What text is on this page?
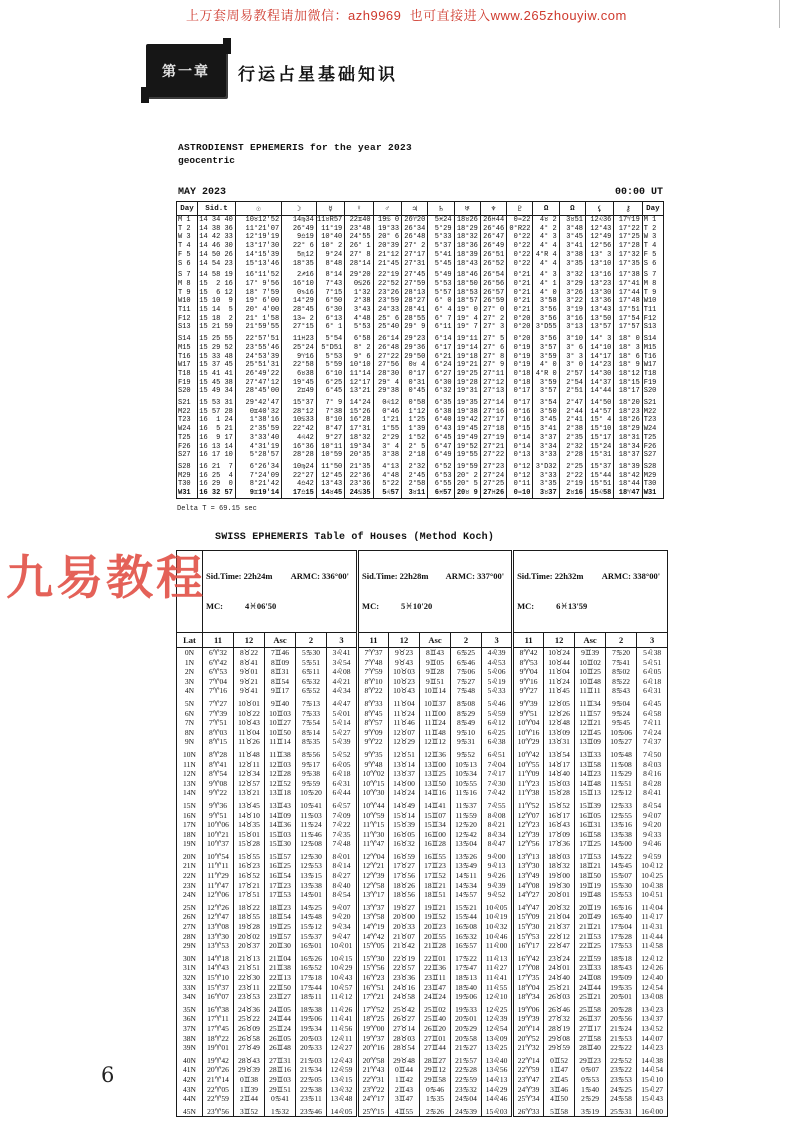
上万套周易教程请加微信：azh9969  也可直接进入www.265zhouyiw.com
第一章 行运占星基础知识
ASTRODIENST EPHEMERIS for the year 2023
geocentric
MAY 2023	00:00 UT
Day	Sid.t	☉	☽	☿	♀	♂	♃	♄	♅	♆	♇	Ω	Ω	⚸	⚷	Day
M 1	14 34 40	10♉12'52	14♍34	11♉R57	22♊40	19♋ 0	26♈20	5♓24	18♉26	26♓44	0♒22	4♉ 2	3♉51	12♌36	17♈19	M 1
T 2	14 38 36	11°21'07	26°49	11°19	23°48	19°33	26°34	5°29	18°29	26°46	0°R22	4° 2	3°48	12°43	17°22	T 2
W 3	14 42 33	12°19'19	9♎19	10°40	24°55	20° 6	26°48	5°33	18°32	26°47	0°22	4° 3	3°45	12°49	17°25	W 3
T 4	14 46 30	13°17'30	22° 6	10° 2	26° 1	20°39	27° 2	5°37	18°36	26°49	0°22	4° 4	3°41	12°56	17°28	T 4
F 5	14 50 26	14°15'39	5♏12	9°24	27° 8	21°12	27°17	5°41	18°39	26°51	0°22	4°R 4	3°38	13° 3	17°32	F 5
S 6	14 54 23	15°13'46	18°35	8°48	28°14	21°45	27°31	5°45	18°43	26°52	0°22	4° 4	3°35	13°10	17°35	S 6

S 7	14 58 19	16°11'52	2♐16	8°14	29°20	22°19	27°45	5°49	18°46	26°54	0°21	4° 3	3°32	13°16	17°38	S 7
M 8	15  2 16	17° 9'56	16°10	7°43	0♋26	22°52	27°59	5°53	18°50	26°56	0°21	4° 1	3°29	13°23	17°41	M 8
T 9	15  6 12	18° 7'59	0♑16	7°15	1°32	23°26	28°13	5°57	18°53	26°57	0°21	4° 0	3°26	13°30	17°44	T 9
W10	15 10  9	19° 6'00	14°29	6°50	2°38	23°59	28°27	6° 0	18°57	26°59	0°21	3°58	3°22	13°36	17°48	W10
T11	15 14  5	20° 4'00	28°45	6°30	3°43	24°33	28°41	6° 4	19° 0	27° 0	0°21	3°56	3°19	13°43	17°51	T11
F12	15 18  2	21° 1'58	13♒ 2	6°13	4°48	25° 6	28°55	6° 7	19° 4	27° 2	0°20	3°56	3°16	13°50	17°54	F12
S13	15 21 59	21°59'55	27°15	6° 1	5°53	25°40	29° 9	6°11	19° 7	27° 3	0°20	3°D55	3°13	13°57	17°57	S13

S14	15 25 55	22°57'51	11♓23	5°54	6°58	26°14	29°23	6°14	19°11	27° 5	0°20	3°56	3°10	14° 3	18° 0	S14
M15	15 29 52	23°55'46	25°24	5°D51	8° 2	26°48	29°36	6°17	19°14	27° 6	0°19	3°57	3° 6	14°10	18° 3	M15
T16	15 33 48	24°53'39	9♈16	5°53	9° 6	27°22	29°50	6°21	19°18	27° 8	0°19	3°59	3° 3	14°17	18° 6	T16
W17	15 37 45	25°51'31	22°58	5°59	10°10	27°56	0♉ 4	6°24	19°21	27° 9	0°19	4° 0	3° 0	14°23	18° 9	W17
T18	15 41 41	26°49'22	6♉38	6°10	11°14	28°30	0°17	6°27	19°25	27°11	0°18	4°R 0	2°57	14°30	18°12	T18
F19	15 45 38	27°47'12	19°45	6°25	12°17	29° 4	0°31	6°30	19°28	27°12	0°18	3°59	2°54	14°37	18°15	F19
S20	15 49 34	28°45'00	2♊49	6°45	13°21	29°38	0°45	6°32	19°31	27°13	0°17	3°57	2°51	14°44	18°17	S20

S21	15 53 31	29°42'47	15°37	7° 9	14°24	0♌12	0°58	6°35	19°35	27°14	0°17	3°54	2°47	14°50	18°20	S21
M22	15 57 28	0♊40'32	28°12	7°38	15°26	0°46	1°12	6°38	19°38	27°16	0°16	3°50	2°44	14°57	18°23	M22
T23	16  1 24	1°38'16	10♋33	8°10	16°28	1°21	1°25	6°40	19°42	27°17	0°16	3°45	2°41	15° 4	18°26	T23
W24	16  5 21	2°35'59	22°42	8°47	17°31	1°55	1°39	6°43	19°45	27°18	0°15	3°41	2°38	15°10	18°29	W24
T25	16  9 17	3°33'40	4♌42	9°27	18°32	2°29	1°52	6°45	19°49	27°19	0°14	3°37	2°35	15°17	18°31	T25
F26	16 13 14	4°31'19	16°36	10°11	19°34	3° 4	2° 5	6°47	19°52	27°21	0°14	3°34	2°32	15°24	18°34	F26
S27	16 17 10	5°28'57	28°28	10°59	20°35	3°38	2°18	6°49	19°55	27°22	0°13	3°33	2°28	15°31	18°37	S27

S28	16 21  7	6°26'34	10♍24	11°50	21°35	4°13	2°32	6°52	19°59	27°23	0°12	3°D32	2°25	15°37	18°39	S28
M29	16 25  4	7°24'09	22°27	12°45	22°36	4°48	2°45	6°53	20° 2	27°24	0°12	3°33	2°22	15°44	18°42	M29
T30	16 29  0	8°21'42	4♎42	13°43	23°36	5°22	2°58	6°55	20° 5	27°25	0°11	3°35	2°19	15°51	18°44	T30
W31	16 32 57	9♊19'14	17♎15	14♉45	24♋35	5♌57	3♉11	6♓57	20♉ 9	27♓26	0♒10	3♉37	2♉16	15♌58	18♈47	W31
Delta T = 69.15 sec
SWISS EPHEMERIS Table of Houses (Method Koch)

	Sid.Time: 22h24m ARMC: 336°00'

MC: 4♓06'50					Sid.Time: 22h28m ARMC: 337°00'

MC: 5♓10'20					Sid.Time: 22h32m ARMC: 338°00'

MC: 6♓13'59				

Lat	11	12	Asc	2	3	11	12	Asc	2	3	11	12	Asc	2	3
0N	6♈32	8♉22	7♊46	5♋30	3♌41	7♈37	9♉23	8♊43	6♋25	4♌39	8♈42	10♉24	9♊39	7♋20	5♌38
1N	6♈42	8♉41	8♊09	5♋51	3♌54	7♈48	9♉43	9♊05	6♋46	4♌53	8♈53	10♉44	10♊02	7♋41	5♌51
2N	6♈53	9♉01	8♊31	6♋11	4♌08	7♈59	10♉03	9♊28	7♋06	5♌06	9♈04	11♉04	10♊25	8♋02	6♌05
3N	7♈04	9♉21	8♊54	6♋32	4♌21	8♈10	10♉23	9♊51	7♋27	5♌19	9♈16	11♉24	10♊48	8♋22	6♌18
4N	7♈16	9♉41	9♊17	6♋52	4♌34	8♈22	10♉43	10♊14	7♋48	5♌33	9♈27	11♉45	11♊11	8♋43	6♌31

5N	7♈27	10♉01	9♊40	7♋13	4♌47	8♈33	11♉04	10♊37	8♋08	5♌46	9♈39	12♉05	11♊34	9♋04	6♌45
6N	7♈39	10♉22	10♊03	7♋33	5♌01	8♈45	11♉24	11♊00	8♋29	5♌59	9♈51	12♉26	11♊57	9♋24	6♌58
7N	7♈51	10♉43	10♊27	7♋54	5♌14	8♈57	11♉46	11♊24	8♋49	6♌12	10♈04	12♉48	12♊21	9♋45	7♌11
8N	8♈03	11♉04	10♊50	8♋14	5♌27	9♈09	12♉07	11♊48	9♋10	6♌25	10♈16	13♉09	12♊45	10♋06	7♌24
9N	8♈15	11♉26	11♊14	8♋35	5♌39	9♈22	12♉29	12♊12	9♋31	6♌38	10♈29	13♉31	13♊09	10♋27	7♌37

10N	8♈28	11♉48	11♊38	8♋56	5♌52	9♈35	12♉51	12♊36	9♋52	6♌51	10♈42	13♉54	13♊33	10♋48	7♌50
11N	8♈41	12♉11	12♊03	9♋17	6♌05	9♈48	13♉14	13♊00	10♋13	7♌04	10♈55	14♉17	13♊58	11♋08	8♌03
12N	8♈54	12♉34	12♊28	9♋38	6♌18	10♈02	13♉37	13♊25	10♋34	7♌17	11♈09	14♉40	14♊23	11♋29	8♌16
13N	9♈08	12♉57	12♊52	9♋59	6♌31	10♈15	14♉00	13♊50	10♋55	7♌30	11♈23	15♉03	14♊48	11♋51	8♌28
14N	9♈22	13♉21	13♊18	10♋20	6♌44	10♈30	14♉24	14♊16	11♋16	7♌42	11♈38	15♉28	15♊13	12♋12	8♌41

15N	9♈36	13♉45	13♊43	10♋41	6♌57	10♈44	14♉49	14♊41	11♋37	7♌55	11♈52	15♉52	15♊39	12♋33	8♌54
16N	9♈51	14♉10	14♊09	11♋03	7♌09	10♈59	15♉14	15♊07	11♋59	8♌08	12♈07	16♉17	16♊05	12♋55	9♌07
17N	10♈06	14♉35	14♊36	11♋24	7♌22	11♈15	15♉39	15♊34	12♋20	8♌21	12♈23	16♉43	16♊31	13♋16	9♌20
18N	10♈21	15♉01	15♊03	11♋46	7♌35	11♈30	16♉05	16♊00	12♋42	8♌34	12♈39	17♉09	16♊58	13♋38	9♌33
19N	10♈37	15♉28	15♊30	12♋08	7♌48	11♈47	16♉32	16♊28	13♋04	8♌47	12♈56	17♉36	17♊25	14♋00	9♌46

20N	10♈54	15♉55	15♊57	12♋30	8♌01	12♈04	16♉59	16♊55	13♋26	9♌00	13♈13	18♉03	17♊53	14♋22	9♌59
21N	11♈11	16♉23	16♊25	12♋53	8♌14	12♈21	17♉27	17♊23	13♋49	9♌13	13♈30	18♉32	18♊21	14♋45	10♌12
22N	11♈29	16♉52	16♊54	13♋15	8♌27	12♈39	17♉56	17♊52	14♋11	9♌26	13♈49	19♉00	18♊50	15♋07	10♌25
23N	11♈47	17♉21	17♊23	13♋38	8♌40	12♈58	18♉26	18♊21	14♋34	9♌39	14♈08	19♉30	19♊19	15♋30	10♌38
24N	12♈06	17♉51	17♊53	14♋01	8♌54	13♈17	18♉56	18♊51	14♋57	9♌52	14♈27	20♉01	19♊48	15♋53	10♌51

25N	12♈26	18♉22	18♊23	14♋25	9♌07	13♈37	19♉27	19♊21	15♋21	10♌05	14♈47	20♉32	20♊19	16♋16	11♌04
26N	12♈47	18♉55	18♊54	14♋48	9♌20	13♈58	20♉00	19♊52	15♋44	10♌19	15♈09	21♉04	20♊49	16♋40	11♌17
27N	13♈08	19♉28	19♊25	15♋12	9♌34	14♈19	20♉33	20♊23	16♋08	10♌32	15♈30	21♉37	21♊21	17♋04	11♌31
28N	13♈30	20♉02	19♊57	15♋37	9♌47	14♈42	21♉07	20♊55	16♋32	10♌46	15♈53	22♉12	21♊53	17♋28	11♌44
29N	13♈53	20♉37	20♊30	16♋01	10♌01	15♈05	21♉42	21♊28	16♋57	11♌00	16♈17	22♉47	22♊25	17♋53	11♌58

30N	14♈18	21♉13	21♊04	16♋26	10♌15	15♈30	22♉19	22♊01	17♋22	11♌13	16♈42	23♉24	22♊59	18♋18	12♌12
31N	14♈43	21♉51	21♊38	16♋52	10♌29	15♈56	22♉57	22♊36	17♋47	11♌27	17♈08	24♉01	23♊33	18♋43	12♌26
32N	15♈10	22♉30	22♊13	17♋18	10♌43	16♈23	23♉36	23♊11	18♋13	11♌41	17♈35	24♉40	24♊08	19♋09	12♌40
33N	15♈37	23♉11	22♊50	17♋44	10♌57	16♈51	24♉16	23♊47	18♋40	11♌55	18♈04	25♉21	24♊44	19♋35	12♌54
34N	16♈07	23♉53	23♊27	18♋11	11♌12	17♈21	24♉58	24♊24	19♋06	12♌10	18♈34	26♉03	25♊21	20♋01	13♌08

35N	16♈38	24♉36	24♊05	18♋38	11♌26	17♈52	25♉42	25♊02	19♋33	12♌25	19♈06	26♉46	25♊58	20♋28	13♌23
36N	17♈11	25♉22	24♊44	19♋06	11♌41	18♈25	26♉27	25♊40	20♋01	12♌39	19♈39	27♉32	26♊37	20♋56	13♌37
37N	17♈45	26♉09	25♊24	19♋34	11♌56	19♈00	27♉14	26♊20	20♋29	12♌54	20♈14	28♉19	27♊17	21♋24	13♌52
38N	18♈22	26♉58	26♊05	20♋03	12♌11	19♈37	28♉03	27♊01	20♋58	13♌09	20♈52	29♉08	27♊58	21♋53	14♌07
39N	19♈01	27♉49	26♊48	20♋33	12♌27	20♈16	28♉54	27♊44	21♋27	13♌25	21♈32	29♉59	28♊40	22♋22	14♌23

40N	19♈42	28♉43	27♊31	21♋03	12♌43	20♈58	29♉48	28♊27	21♋57	13♌40	22♈14	0♊52	29♊23	22♋52	14♌38
41N	20♈26	29♉39	28♊16	21♋34	12♌59	21♈43	0♊44	29♊12	22♋28	13♌56	22♈59	1♊47	0♋07	23♋22	14♌54
42N	21♈14	0♊38	29♊03	22♋05	13♌15	22♈31	1♊42	29♊58	22♋59	14♌13	23♈47	2♊45	0♋53	23♋53	15♌10
43N	22♈05	1♊39	29♊51	22♋38	13♌32	23♈22	2♊43	0♋46	23♋32	14♌29	24♈39	3♊46	1♋40	24♋25	15♌27
44N	22♈59	2♊44	0♋41	23♋11	13♌48	24♈17	3♊47	1♋35	24♋04	14♌46	25♈34	4♊50	2♋29	24♋58	15♌43

45N	23♈56	3♊52	1♋32	23♋46	14♌05	25♈15	4♊55	2♋26	24♋39	15♌03	26♈33	5♊58	3♋19	25♋31	16♌00
九易教程
6
